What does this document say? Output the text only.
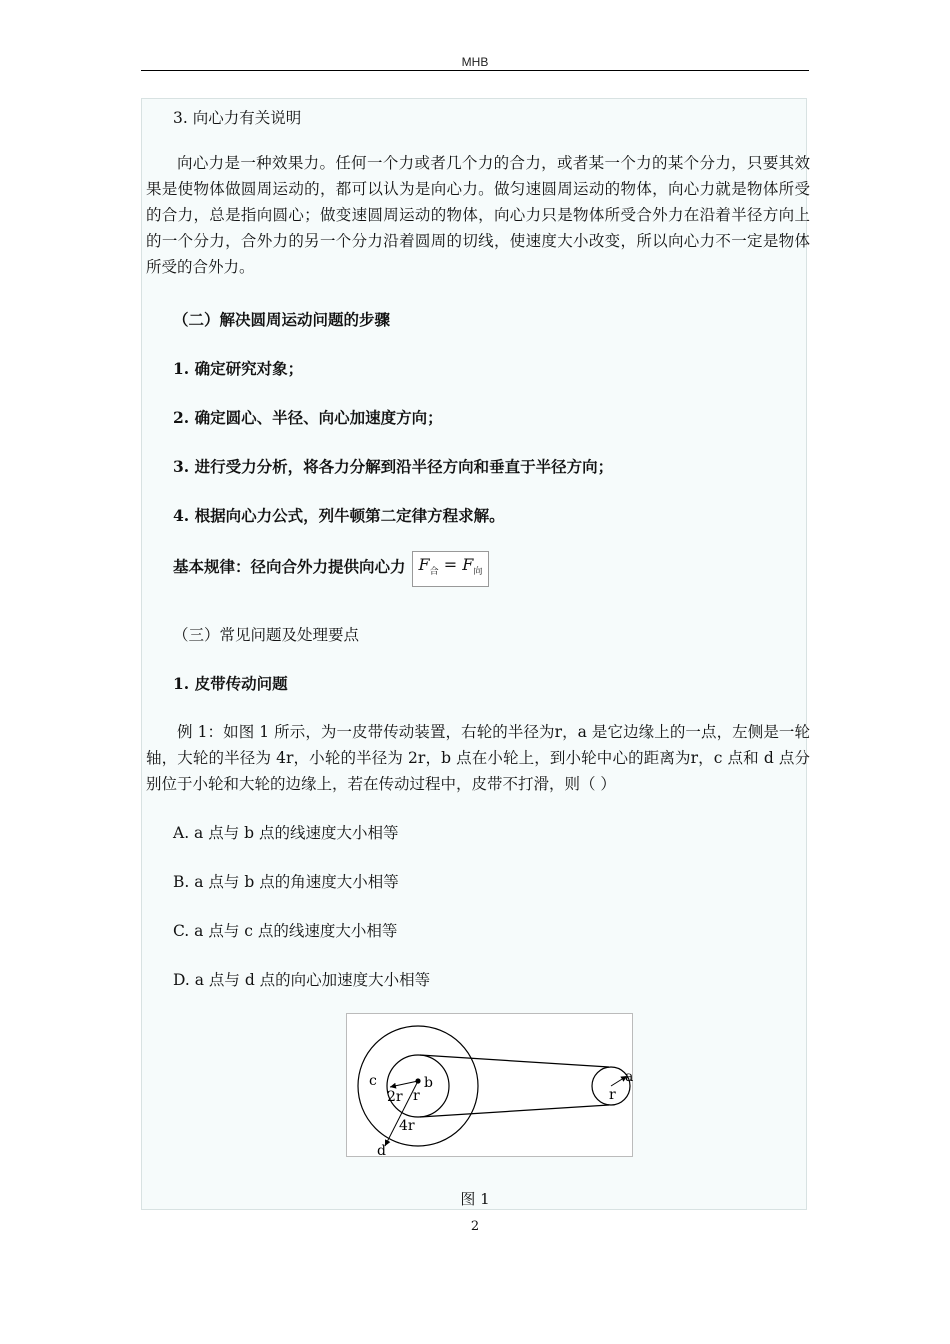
MHB
3. 向心力有关说明
向心力是一种效果力。任何一个力或者几个力的合力，或者某一个力的某个分力，只要其效果是使物体做圆周运动的，都可以认为是向心力。做匀速圆周运动的物体，向心力就是物体所受的合力，总是指向圆心；做变速圆周运动的物体，向心力只是物体所受合外力在沿着半径方向上的一个分力，合外力的另一个分力沿着圆周的切线，使速度大小改变，所以向心力不一定是物体所受的合外力。
（二）解决圆周运动问题的步骤
1. 确定研究对象；
2. 确定圆心、半径、向心加速度方向；
3. 进行受力分析，将各力分解到沿半径方向和垂直于半径方向；
4. 根据向心力公式，列牛顿第二定律方程求解。
基本规律：径向合外力提供向心力 $F_合 = F_向$
（三）常见问题及处理要点
1. 皮带传动问题
例 1：如图 1 所示，为一皮带传动装置，右轮的半径为r，a 是它边缘上的一点，左侧是一轮轴，大轮的半径为 4r，小轮的半径为 2r，b 点在小轮上，到小轮中心的距离为r，c 点和 d 点分别位于小轮和大轮的边缘上，若在传动过程中，皮带不打滑，则（ ）
A. a 点与 b 点的线速度大小相等
B. a 点与 b 点的角速度大小相等
C. a 点与 c 点的线速度大小相等
D. a 点与 d 点的向心加速度大小相等
c	b
r
2r
4r
d
a
r
图 1
2
